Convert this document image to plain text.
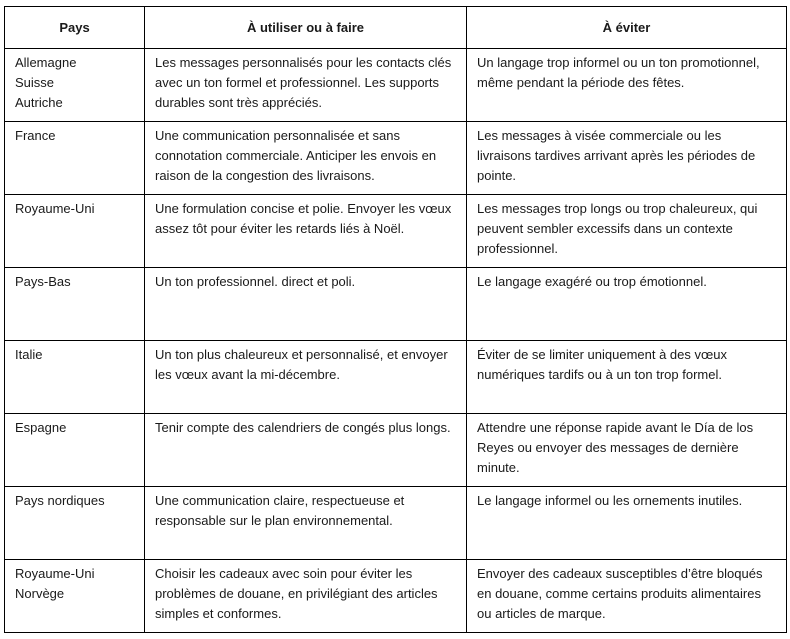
Pays	À utiliser ou à faire	À éviter

Allemagne
Suisse
Autriche	Les messages personnalisés pour les contacts clés avec un ton formel et professionnel. Les supports durables sont très appréciés.	Un langage trop informel ou un ton promotionnel, même pendant la période des fêtes.

France	Une communication personnalisée et sans connotation commerciale. Anticiper les envois en raison de la congestion des livraisons.	Les messages à visée commerciale ou les livraisons tardives arrivant après les périodes de pointe.

Royaume-Uni	Une formulation concise et polie. Envoyer les vœux assez tôt pour éviter les retards liés à Noël.	Les messages trop longs ou trop chaleureux, qui peuvent sembler excessifs dans un contexte professionnel.

Pays-Bas	Un ton professionnel. direct et poli.	Le langage exagéré ou trop émotionnel.

Italie	Un ton plus chaleureux et personnalisé, et envoyer les vœux avant la mi-décembre.	Éviter de se limiter uniquement à des vœux numériques tardifs ou à un ton trop formel.

Espagne	Tenir compte des calendriers de congés plus longs.	Attendre une réponse rapide avant le Día de los Reyes ou envoyer des messages de dernière minute.

Pays nordiques	Une communication claire, respectueuse et responsable sur le plan environnemental.	Le langage informel ou les ornements inutiles.

Royaume-Uni
Norvège	Choisir les cadeaux avec soin pour éviter les problèmes de douane, en privilégiant des articles simples et conformes.	Envoyer des cadeaux susceptibles d’être bloqués en douane, comme certains produits alimentaires ou articles de marque.
